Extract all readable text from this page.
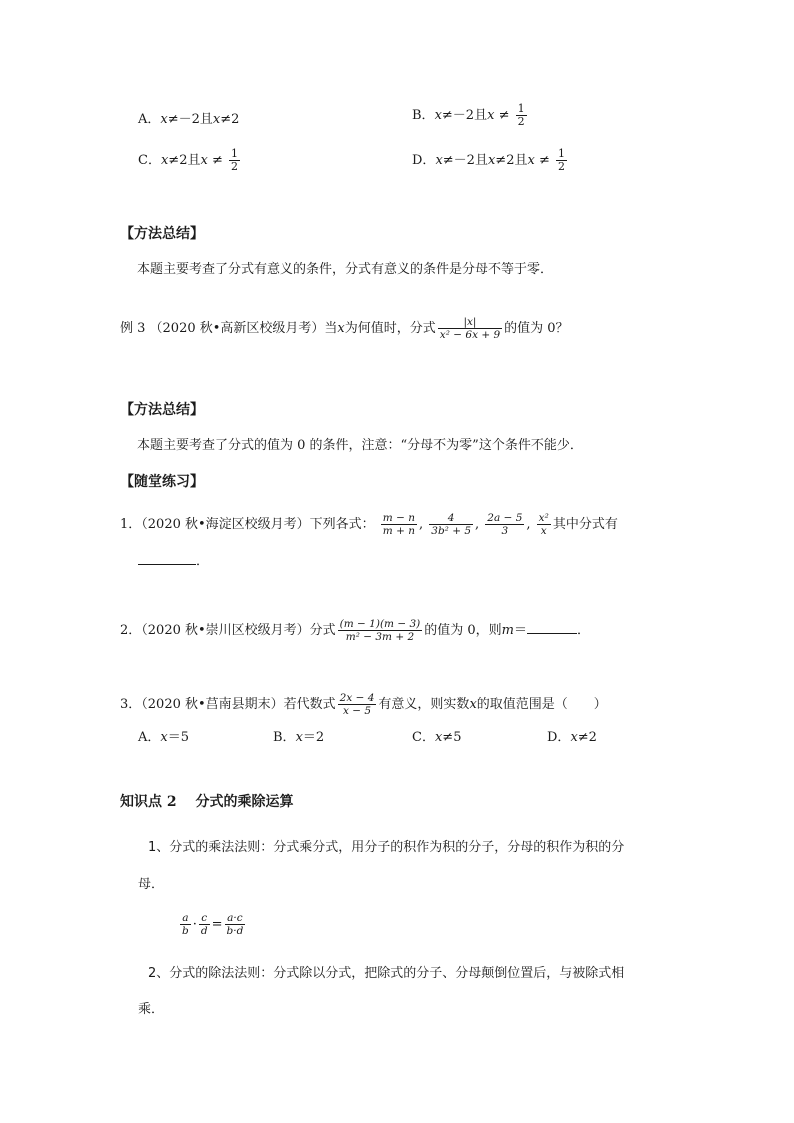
A．x≠－2且x≠2	B．x≠－2且$x \ne \frac{1}{2}$
C．x≠2且$x \ne \frac{1}{2}$	D．x≠－2且x≠2且$x \ne \frac{1}{2}$
【方法总结】
本题主要考查了分式有意义的条件，分式有意义的条件是分母不等于零．
例 3 （2020 秋•高新区校级月考）当x为何值时，分式 $\frac{|x|}{\text{x² − 6x + 9}}$ 的值为 0？
【方法总结】
本题主要考查了分式的值为 0 的条件，注意：“分母不为零”这个条件不能少．
【随堂练习】
1．（2020 秋•海淀区校级月考）下列各式： $\frac{m - n}{m + n}$ , $\frac{4}{\text{3b² + 5}}$ , $\frac{2a - 5}{3}$ , $\frac{\text{x²}}{x}$ 其中分式有
．
2．（2020 秋•崇川区校级月考）分式 $\frac{(m - 1)(m - 3)}{\text{m² − 3m + 2}}$ 的值为 0，则m＝	．
3．（2020 秋•莒南县期末）若代数式 $\frac{2x - 4}{x - 5}$ 有意义，则实数x的取值范围是（　　）
A．x＝5	B．x＝2	C．x≠5	D．x≠2
知识点 2　 分式的乘除运算
1、分式的乘法法则：分式乘分式，用分子的积作为积的分子，分母的积作为积的分
母．
$\frac{a}{b} \cdot \frac{c}{d} = \frac{a\cdot c}{b\cdot d}$
2、分式的除法法则：分式除以分式，把除式的分子、分母颠倒位置后，与被除式相
乘．
